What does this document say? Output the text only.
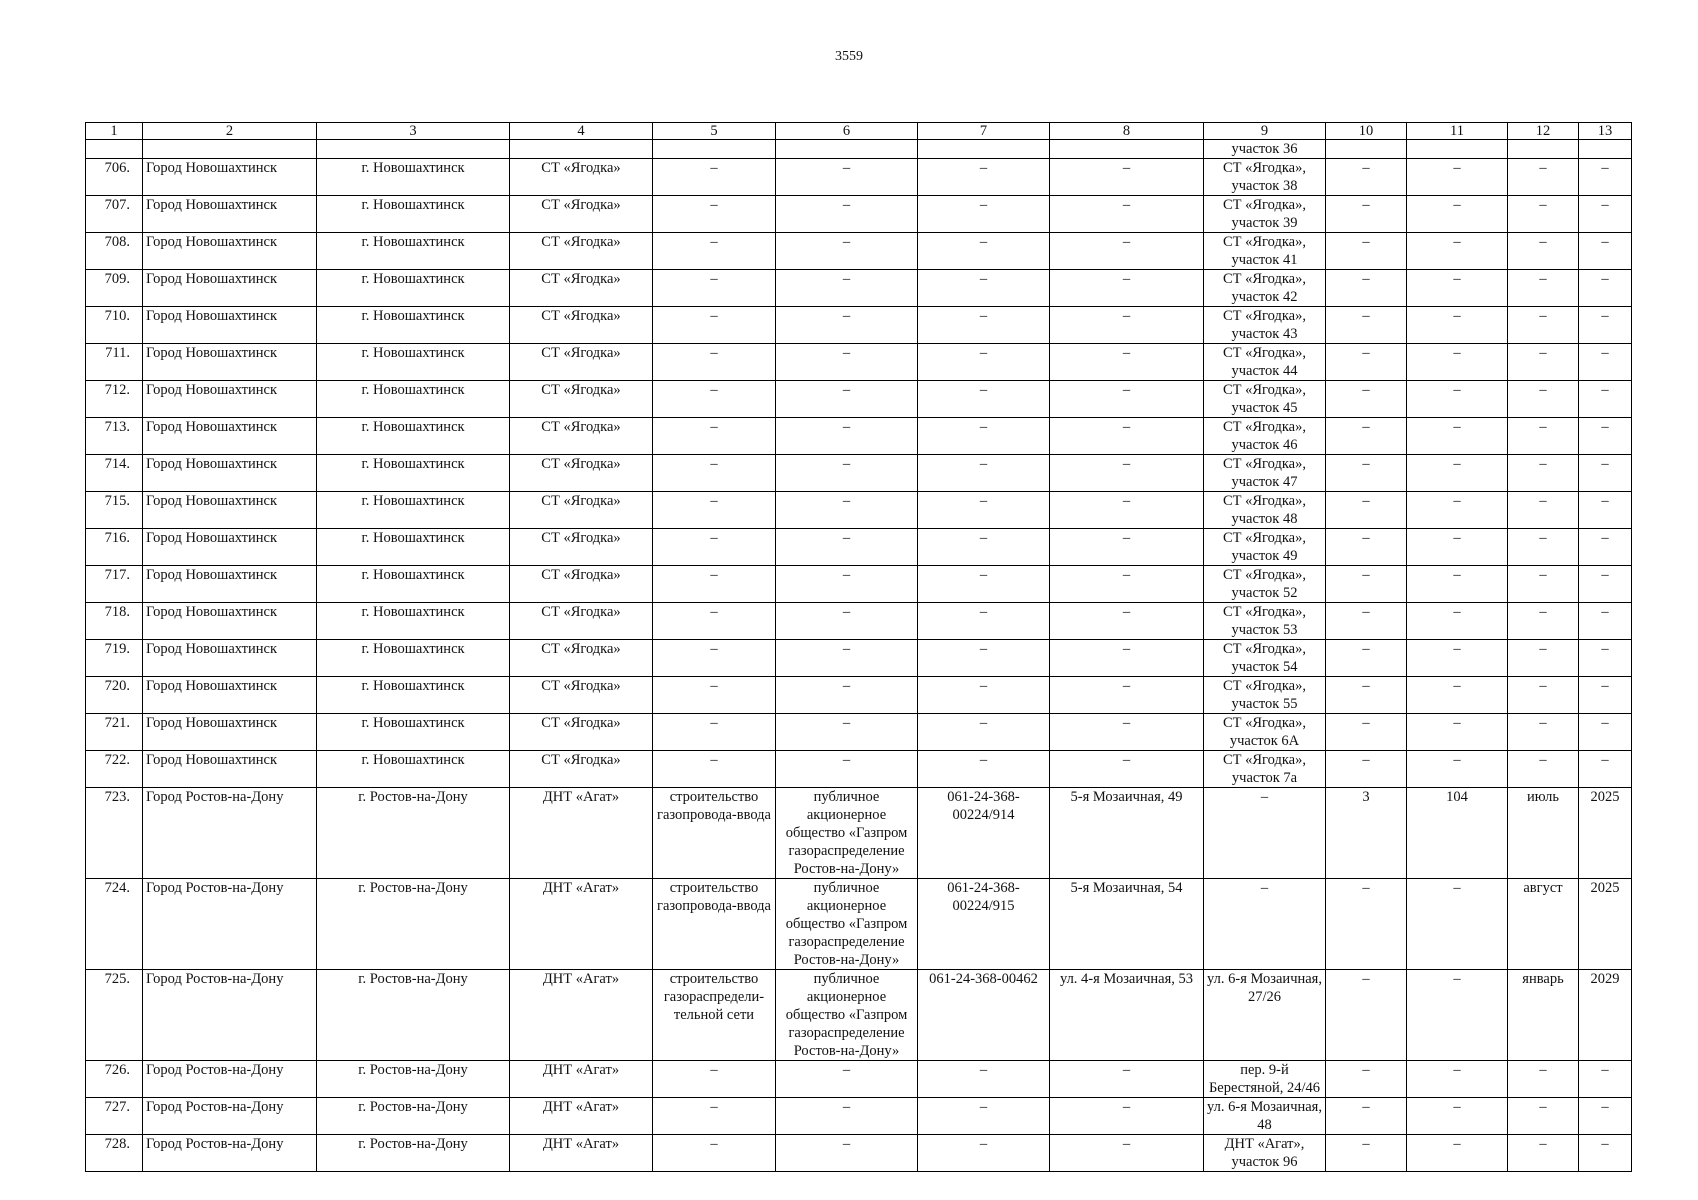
3559
1	2	3	4	5	6	7	8	9	10	11	12	13
								участок 36				
706.	Город Новошахтинск	г. Новошахтинск	СТ «Ягодка»	–	–	–	–	СТ «Ягодка», участок 38	–	–	–	–
707.	Город Новошахтинск	г. Новошахтинск	СТ «Ягодка»	–	–	–	–	СТ «Ягодка», участок 39	–	–	–	–
708.	Город Новошахтинск	г. Новошахтинск	СТ «Ягодка»	–	–	–	–	СТ «Ягодка», участок 41	–	–	–	–
709.	Город Новошахтинск	г. Новошахтинск	СТ «Ягодка»	–	–	–	–	СТ «Ягодка», участок 42	–	–	–	–
710.	Город Новошахтинск	г. Новошахтинск	СТ «Ягодка»	–	–	–	–	СТ «Ягодка», участок 43	–	–	–	–
711.	Город Новошахтинск	г. Новошахтинск	СТ «Ягодка»	–	–	–	–	СТ «Ягодка», участок 44	–	–	–	–
712.	Город Новошахтинск	г. Новошахтинск	СТ «Ягодка»	–	–	–	–	СТ «Ягодка», участок 45	–	–	–	–
713.	Город Новошахтинск	г. Новошахтинск	СТ «Ягодка»	–	–	–	–	СТ «Ягодка», участок 46	–	–	–	–
714.	Город Новошахтинск	г. Новошахтинск	СТ «Ягодка»	–	–	–	–	СТ «Ягодка», участок 47	–	–	–	–
715.	Город Новошахтинск	г. Новошахтинск	СТ «Ягодка»	–	–	–	–	СТ «Ягодка», участок 48	–	–	–	–
716.	Город Новошахтинск	г. Новошахтинск	СТ «Ягодка»	–	–	–	–	СТ «Ягодка», участок 49	–	–	–	–
717.	Город Новошахтинск	г. Новошахтинск	СТ «Ягодка»	–	–	–	–	СТ «Ягодка», участок 52	–	–	–	–
718.	Город Новошахтинск	г. Новошахтинск	СТ «Ягодка»	–	–	–	–	СТ «Ягодка», участок 53	–	–	–	–
719.	Город Новошахтинск	г. Новошахтинск	СТ «Ягодка»	–	–	–	–	СТ «Ягодка», участок 54	–	–	–	–
720.	Город Новошахтинск	г. Новошахтинск	СТ «Ягодка»	–	–	–	–	СТ «Ягодка», участок 55	–	–	–	–
721.	Город Новошахтинск	г. Новошахтинск	СТ «Ягодка»	–	–	–	–	СТ «Ягодка», участок 6А	–	–	–	–
722.	Город Новошахтинск	г. Новошахтинск	СТ «Ягодка»	–	–	–	–	СТ «Ягодка», участок 7а	–	–	–	–
723.	Город Ростов-на-Дону	г. Ростов-на-Дону	ДНТ «Агат»	строительство газопровода-ввода	публичное акционерное общество «Газпром газораспределение Ростов-на-Дону»	061-24-368-00224/914	5-я Мозаичная, 49	–	3	104	июль	2025
724.	Город Ростов-на-Дону	г. Ростов-на-Дону	ДНТ «Агат»	строительство газопровода-ввода	публичное акционерное общество «Газпром газораспределение Ростов-на-Дону»	061-24-368-00224/915	5-я Мозаичная, 54	–	–	–	август	2025
725.	Город Ростов-на-Дону	г. Ростов-на-Дону	ДНТ «Агат»	строительство газораспредели-тельной сети	публичное акционерное общество «Газпром газораспределение Ростов-на-Дону»	061-24-368-00462	ул. 4-я Мозаичная, 53	ул. 6-я Мозаичная, 27/26	–	–	январь	2029
726.	Город Ростов-на-Дону	г. Ростов-на-Дону	ДНТ «Агат»	–	–	–	–	пер. 9-й Берестяной, 24/46	–	–	–	–
727.	Город Ростов-на-Дону	г. Ростов-на-Дону	ДНТ «Агат»	–	–	–	–	ул. 6-я Мозаичная, 48	–	–	–	–
728.	Город Ростов-на-Дону	г. Ростов-на-Дону	ДНТ «Агат»	–	–	–	–	ДНТ «Агат», участок 96	–	–	–	–
